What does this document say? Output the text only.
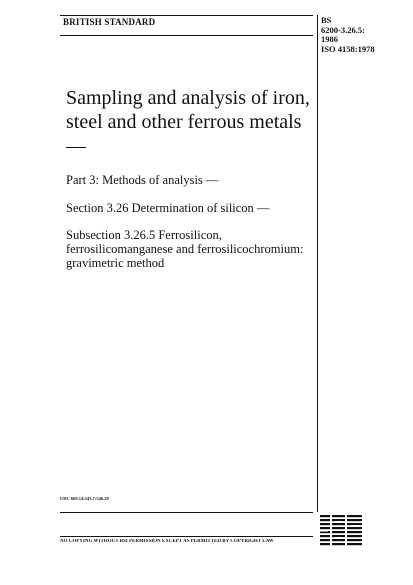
BRITISH STANDARD	BS
6200-3.26.5:
1986
ISO 4158:1978
Sampling and analysis of iron, steel and other ferrous metals —
Part 3: Methods of analysis —
Section 3.26 Determination of silicon —
Subsection 3.26.5 Ferrosilicon, ferrosilicomanganese and ferrosilicochromium: gravimetric method
UDC 669.14:543.7:546.28
NO COPYING WITHOUT BSI PERMISSION EXCEPT AS PERMITTED BY COPYRIGHT LAW
